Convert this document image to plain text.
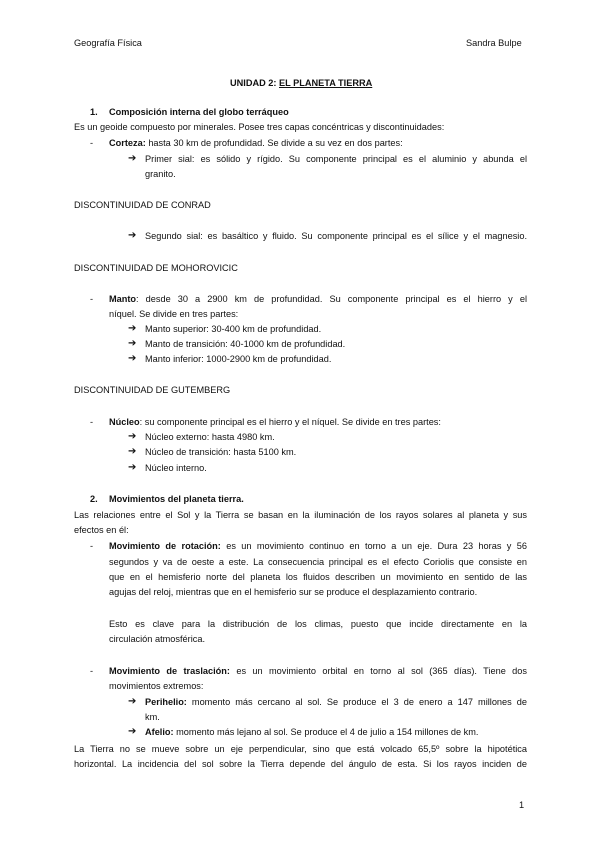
Geografía Física	Sandra Bulpe
UNIDAD 2: EL PLANETA TIERRA
1. Composición interna del globo terráqueo
Es un geoide compuesto por minerales. Posee tres capas concéntricas y discontinuidades:
- Corteza: hasta 30 km de profundidad. Se divide a su vez en dos partes:
➔ Primer sial: es sólido y rígido. Su componente principal es el aluminio y abunda el
granito.
DISCONTINUIDAD DE CONRAD
➔ Segundo sial: es basáltico y fluido. Su componente principal es el sílice y el magnesio.
DISCONTINUIDAD DE MOHOROVICIC
- Manto: desde 30 a 2900 km de profundidad. Su componente principal es el hierro y el
níquel. Se divide en tres partes:
➔ Manto superior: 30-400 km de profundidad.
➔ Manto de transición: 40-1000 km de profundidad.
➔ Manto inferior: 1000-2900 km de profundidad.
DISCONTINUIDAD DE GUTEMBERG
- Núcleo: su componente principal es el hierro y el níquel. Se divide en tres partes:
➔ Núcleo externo: hasta 4980 km.
➔ Núcleo de transición: hasta 5100 km.
➔ Núcleo interno.
2. Movimientos del planeta tierra.
Las relaciones entre el Sol y la Tierra se basan en la iluminación de los rayos solares al planeta y sus
efectos en él:
- Movimiento de rotación: es un movimiento continuo en torno a un eje. Dura 23 horas y 56
segundos y va de oeste a este. La consecuencia principal es el efecto Coriolis que consiste en
que en el hemisferio norte del planeta los fluidos describen un movimiento en sentido de las
agujas del reloj, mientras que en el hemisferio sur se produce el desplazamiento contrario.
Esto es clave para la distribución de los climas, puesto que incide directamente en la
circulación atmosférica.
- Movimiento de traslación: es un movimiento orbital en torno al sol (365 días). Tiene dos
movimientos extremos:
➔ Perihelio: momento más cercano al sol. Se produce el 3 de enero a 147 millones de
km.
➔ Afelio: momento más lejano al sol. Se produce el 4 de julio a 154 millones de km.
La Tierra no se mueve sobre un eje perpendicular, sino que está volcado 65,5º sobre la hipotética
horizontal. La incidencia del sol sobre la Tierra depende del ángulo de esta. Si los rayos inciden de
1
